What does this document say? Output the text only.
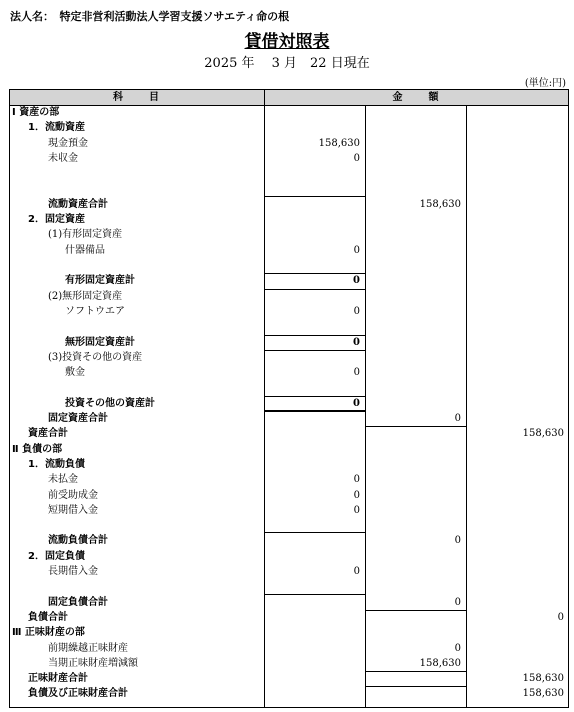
法人名：　特定非営利活動法人学習支援ソサエティ命の根
貸借対照表
2025 年　 3 月　22 日現在
(単位:円)
科　　目	金　　額
Ⅰ 資産の部
1．流動資産
現金預金	158,630
未収金	0
流動資産合計	158,630
2．固定資産
(1)有形固定資産
什器備品	0
有形固定資産計	0
(2)無形固定資産
ソフトウエア	0
無形固定資産計	0
(3)投資その他の資産
敷金	0
投資その他の資産計	0
固定資産合計	0
資産合計	158,630
Ⅱ 負債の部
1．流動負債
未払金	0
前受助成金	0
短期借入金	0
流動負債合計	0
2．固定負債
長期借入金	0
固定負債合計	0
負債合計	0
Ⅲ 正味財産の部
前期繰越正味財産	0
当期正味財産増減額	158,630
正味財産合計	158,630
負債及び正味財産合計	158,630
